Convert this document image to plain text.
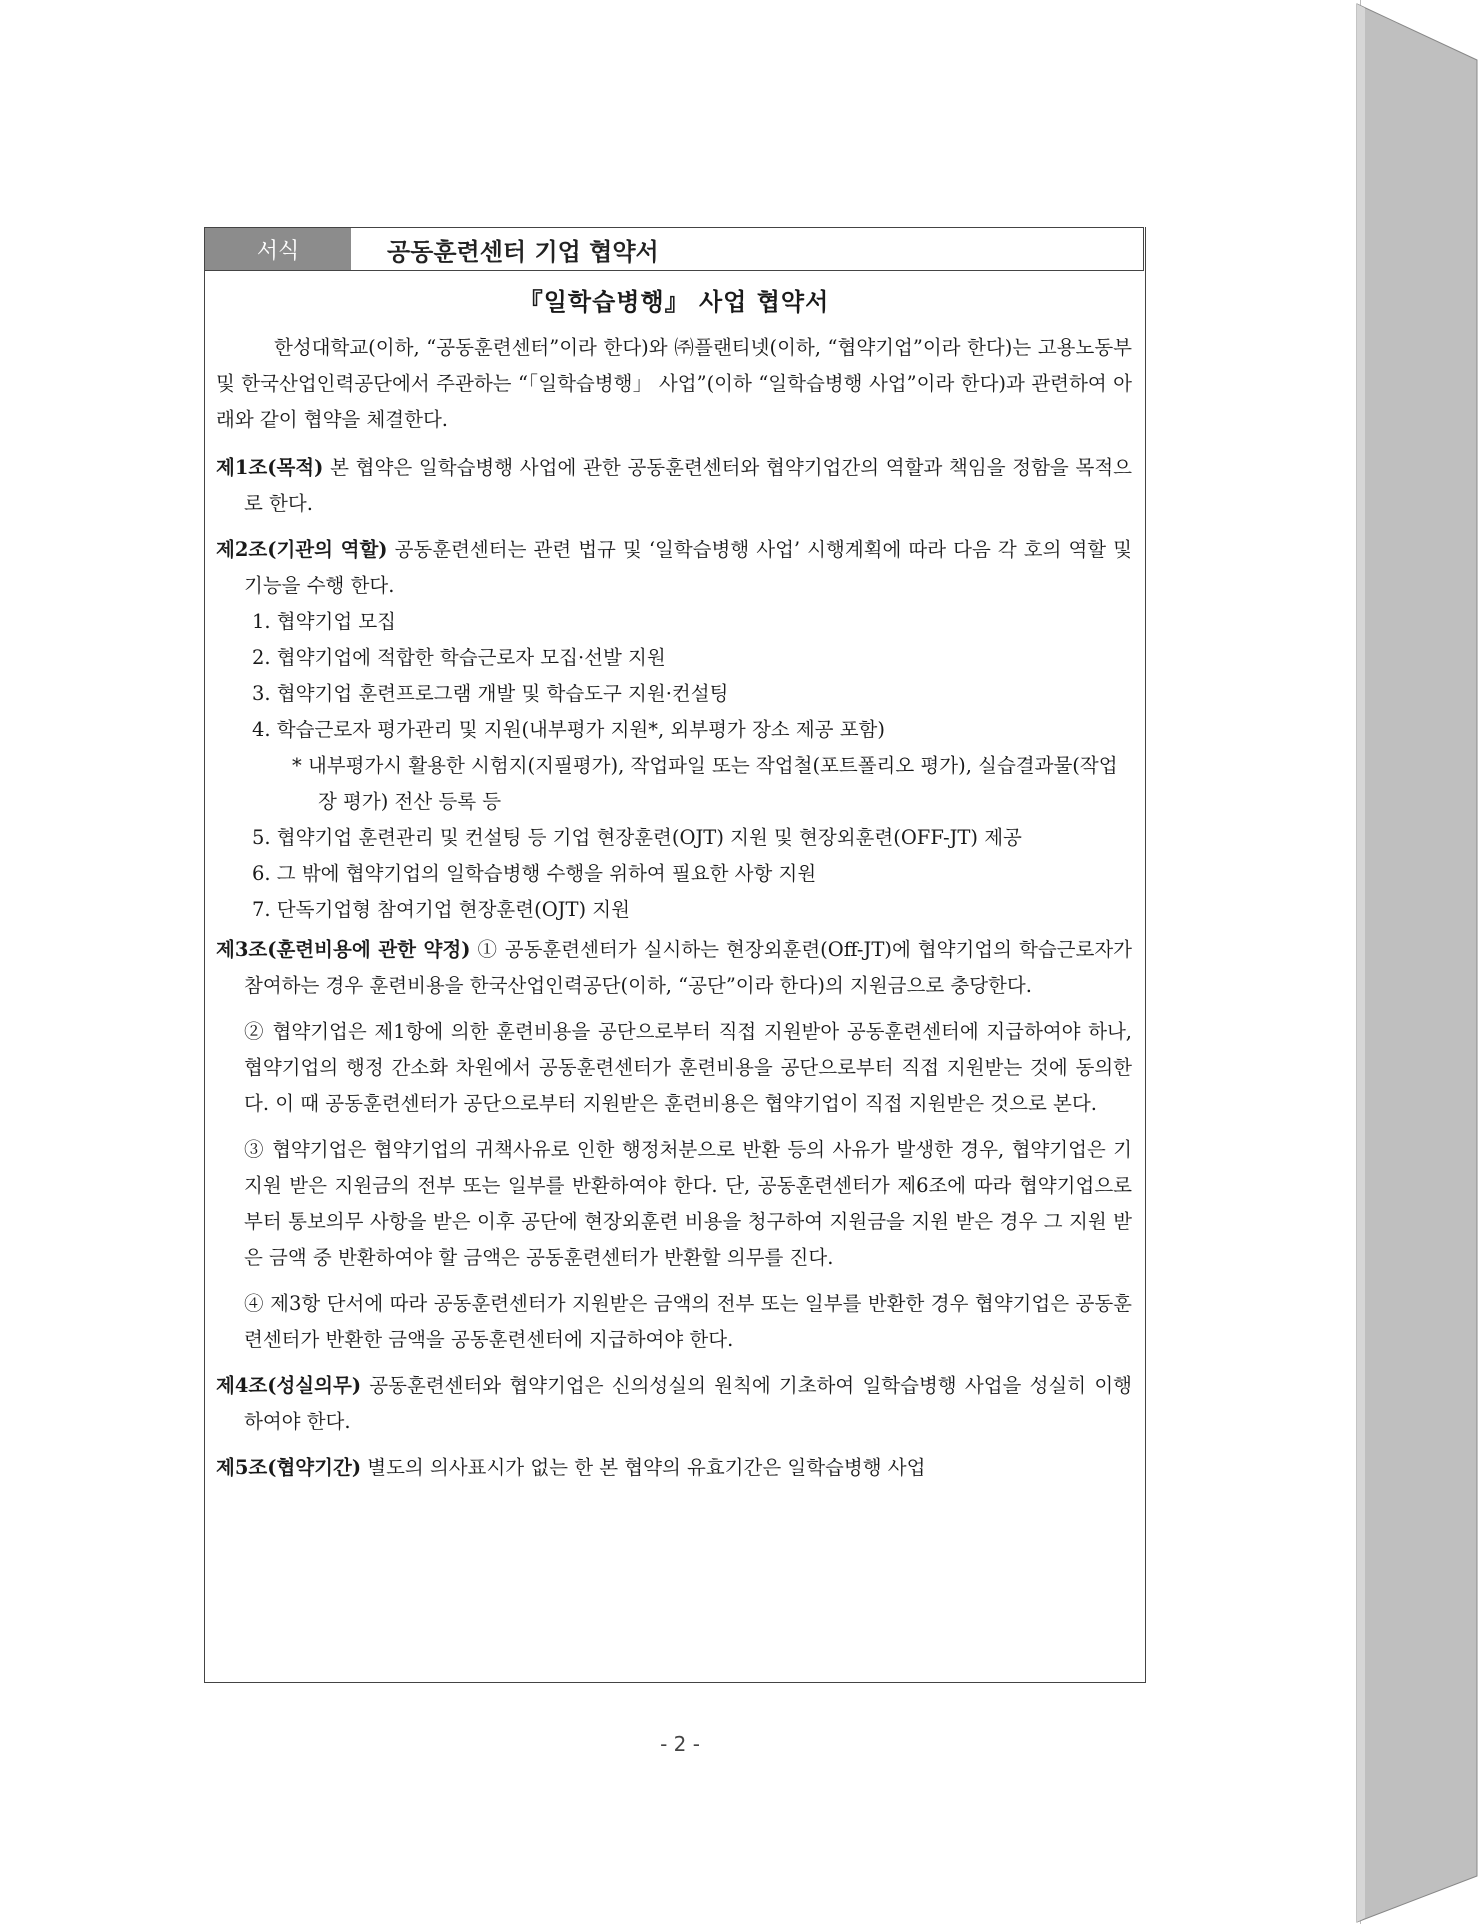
서식	공동훈련센터 기업 협약서
『일학습병행』 사업 협약서
한성대학교(이하, “공동훈련센터”이라 한다)와 ㈜플랜티넷(이하, “협약기업”이라 한다)는 고용노동부 및 한국산업인력공단에서 주관하는 “「일학습병행」 사업”(이하 “일학습병행 사업”이라 한다)과 관련하여 아래와 같이 협약을 체결한다.
제1조(목적) 본 협약은 일학습병행 사업에 관한 공동훈련센터와 협약기업간의 역할과 책임을 정함을 목적으로 한다.
제2조(기관의 역할) 공동훈련센터는 관련 법규 및 ‘일학습병행 사업’ 시행계획에 따라 다음 각 호의 역할 및 기능을 수행 한다.
1. 협약기업 모집
2. 협약기업에 적합한 학습근로자 모집·선발 지원
3. 협약기업 훈련프로그램 개발 및 학습도구 지원·컨설팅
4. 학습근로자 평가관리 및 지원(내부평가 지원*, 외부평가 장소 제공 포함)
* 내부평가시 활용한 시험지(지필평가), 작업파일 또는 작업철(포트폴리오 평가), 실습결과물(작업장 평가) 전산 등록 등
5. 협약기업 훈련관리 및 컨설팅 등 기업 현장훈련(OJT) 지원 및 현장외훈련(OFF-JT) 제공
6. 그 밖에 협약기업의 일학습병행 수행을 위하여 필요한 사항 지원
7. 단독기업형 참여기업 현장훈련(OJT) 지원
제3조(훈련비용에 관한 약정) ① 공동훈련센터가 실시하는 현장외훈련(Off-JT)에 협약기업의 학습근로자가 참여하는 경우 훈련비용을 한국산업인력공단(이하, “공단”이라 한다)의 지원금으로 충당한다.
② 협약기업은 제1항에 의한 훈련비용을 공단으로부터 직접 지원받아 공동훈련센터에 지급하여야 하나, 협약기업의 행정 간소화 차원에서 공동훈련센터가 훈련비용을 공단으로부터 직접 지원받는 것에 동의한다. 이 때 공동훈련센터가 공단으로부터 지원받은 훈련비용은 협약기업이 직접 지원받은 것으로 본다.
③ 협약기업은 협약기업의 귀책사유로 인한 행정처분으로 반환 등의 사유가 발생한 경우, 협약기업은 기지원 받은 지원금의 전부 또는 일부를 반환하여야 한다. 단, 공동훈련센터가 제6조에 따라 협약기업으로부터 통보의무 사항을 받은 이후 공단에 현장외훈련 비용을 청구하여 지원금을 지원 받은 경우 그 지원 받은 금액 중 반환하여야 할 금액은 공동훈련센터가 반환할 의무를 진다.
④ 제3항 단서에 따라 공동훈련센터가 지원받은 금액의 전부 또는 일부를 반환한 경우 협약기업은 공동훈련센터가 반환한 금액을 공동훈련센터에 지급하여야 한다.
제4조(성실의무) 공동훈련센터와 협약기업은 신의성실의 원칙에 기초하여 일학습병행 사업을 성실히 이행하여야 한다.
제5조(협약기간) 별도의 의사표시가 없는 한 본 협약의 유효기간은 일학습병행 사업
- 2 -
